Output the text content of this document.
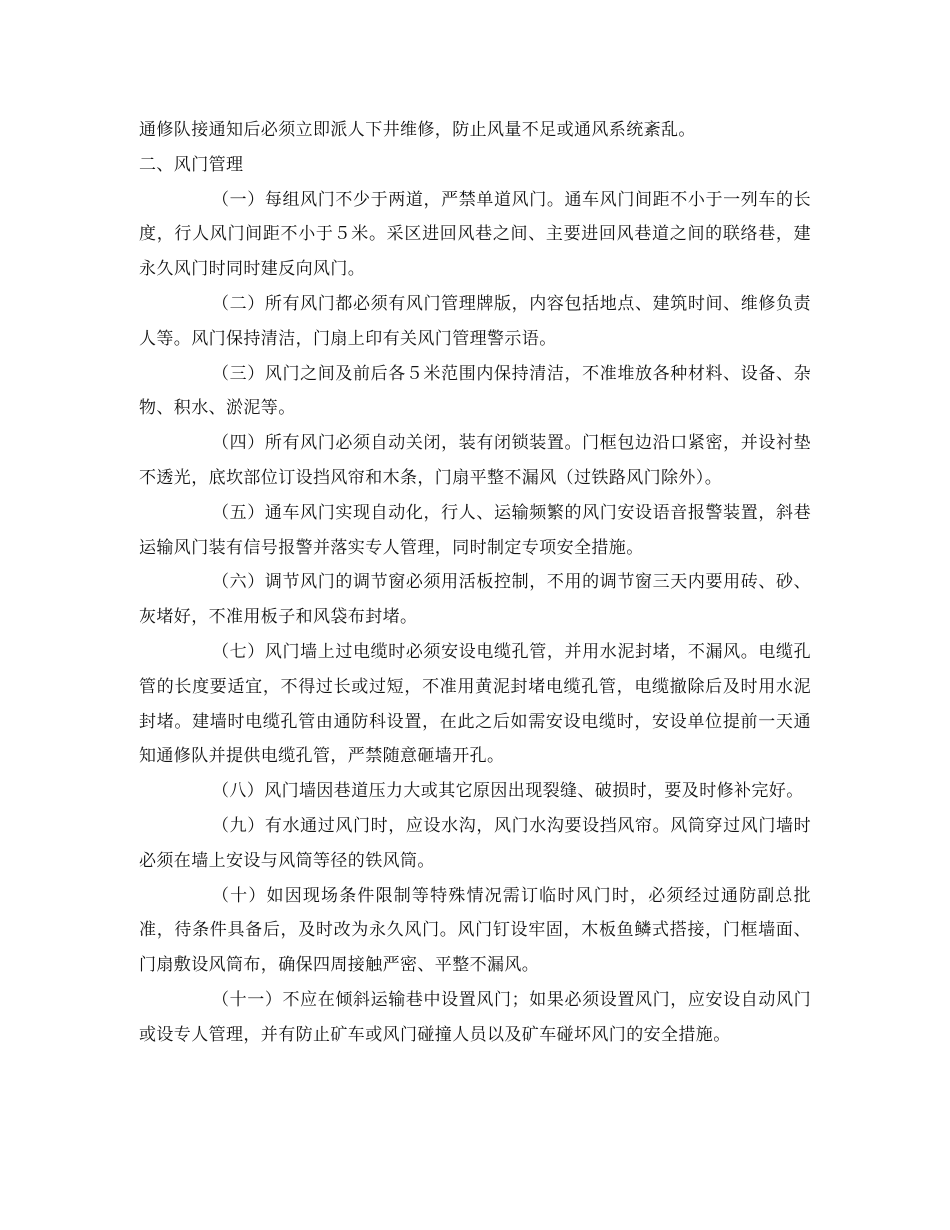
通修队接通知后必须立即派人下井维修，防止风量不足或通风系统紊乱。

二、风门管理

（一）每组风门不少于两道，严禁单道风门。通车风门间距不小于一列车的长度，行人风门间距不小于５米。采区进回风巷之间、主要进回风巷道之间的联络巷，建永久风门时同时建反向风门。

（二）所有风门都必须有风门管理牌版，内容包括地点、建筑时间、维修负责人等。风门保持清洁，门扇上印有关风门管理警示语。

（三）风门之间及前后各５米范围内保持清洁，不准堆放各种材料、设备、杂物、积水、淤泥等。

（四）所有风门必须自动关闭，装有闭锁装置。门框包边沿口紧密，并设衬垫不透光，底坎部位订设挡风帘和木条，门扇平整不漏风（过铁路风门除外）。

（五）通车风门实现自动化，行人、运输频繁的风门安设语音报警装置，斜巷运输风门装有信号报警并落实专人管理，同时制定专项安全措施。

（六）调节风门的调节窗必须用活板控制，不用的调节窗三天内要用砖、砂、灰堵好，不准用板子和风袋布封堵。

（七）风门墙上过电缆时必须安设电缆孔管，并用水泥封堵，不漏风。电缆孔管的长度要适宜，不得过长或过短，不准用黄泥封堵电缆孔管，电缆撤除后及时用水泥封堵。建墙时电缆孔管由通防科设置，在此之后如需安设电缆时，安设单位提前一天通知通修队并提供电缆孔管，严禁随意砸墙开孔。

（八）风门墙因巷道压力大或其它原因出现裂缝、破损时，要及时修补完好。

（九）有水通过风门时，应设水沟，风门水沟要设挡风帘。风筒穿过风门墙时必须在墙上安设与风筒等径的铁风筒。

（十）如因现场条件限制等特殊情况需订临时风门时，必须经过通防副总批准，待条件具备后，及时改为永久风门。风门钉设牢固，木板鱼鳞式搭接，门框墙面、门扇敷设风筒布，确保四周接触严密、平整不漏风。

（十一）不应在倾斜运输巷中设置风门；如果必须设置风门，应安设自动风门或设专人管理，并有防止矿车或风门碰撞人员以及矿车碰坏风门的安全措施。
